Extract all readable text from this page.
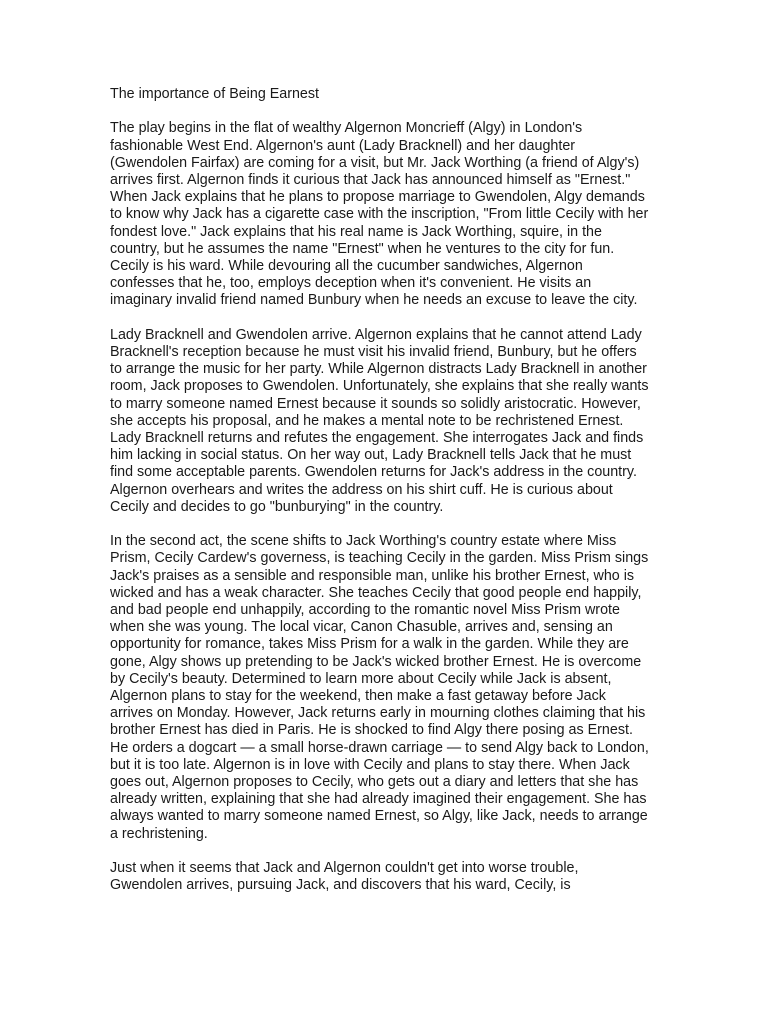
The importance of Being Earnest

The play begins in the flat of wealthy Algernon Moncrieff (Algy) in London's fashionable West End. Algernon's aunt (Lady Bracknell) and her daughter (Gwendolen Fairfax) are coming for a visit, but Mr. Jack Worthing (a friend of Algy's) arrives first. Algernon finds it curious that Jack has announced himself as "Ernest." When Jack explains that he plans to propose marriage to Gwendolen, Algy demands to know why Jack has a cigarette case with the inscription, "From little Cecily with her fondest love." Jack explains that his real name is Jack Worthing, squire, in the country, but he assumes the name "Ernest" when he ventures to the city for fun. Cecily is his ward. While devouring all the cucumber sandwiches, Algernon confesses that he, too, employs deception when it's convenient. He visits an imaginary invalid friend named Bunbury when he needs an excuse to leave the city.

Lady Bracknell and Gwendolen arrive. Algernon explains that he cannot attend Lady Bracknell's reception because he must visit his invalid friend, Bunbury, but he offers to arrange the music for her party. While Algernon distracts Lady Bracknell in another room, Jack proposes to Gwendolen. Unfortunately, she explains that she really wants to marry someone named Ernest because it sounds so solidly aristocratic. However, she accepts his proposal, and he makes a mental note to be rechristened Ernest. Lady Bracknell returns and refutes the engagement. She interrogates Jack and finds him lacking in social status. On her way out, Lady Bracknell tells Jack that he must find some acceptable parents. Gwendolen returns for Jack's address in the country. Algernon overhears and writes the address on his shirt cuff. He is curious about Cecily and decides to go "bunburying" in the country.

In the second act, the scene shifts to Jack Worthing's country estate where Miss Prism, Cecily Cardew's governess, is teaching Cecily in the garden. Miss Prism sings Jack's praises as a sensible and responsible man, unlike his brother Ernest, who is wicked and has a weak character. She teaches Cecily that good people end happily, and bad people end unhappily, according to the romantic novel Miss Prism wrote when she was young. The local vicar, Canon Chasuble, arrives and, sensing an opportunity for romance, takes Miss Prism for a walk in the garden. While they are gone, Algy shows up pretending to be Jack's wicked brother Ernest. He is overcome by Cecily's beauty. Determined to learn more about Cecily while Jack is absent, Algernon plans to stay for the weekend, then make a fast getaway before Jack arrives on Monday. However, Jack returns early in mourning clothes claiming that his brother Ernest has died in Paris. He is shocked to find Algy there posing as Ernest. He orders a dogcart — a small horse-drawn carriage — to send Algy back to London, but it is too late. Algernon is in love with Cecily and plans to stay there. When Jack goes out, Algernon proposes to Cecily, who gets out a diary and letters that she has already written, explaining that she had already imagined their engagement. She has always wanted to marry someone named Ernest, so Algy, like Jack, needs to arrange a rechristening.

Just when it seems that Jack and Algernon couldn't get into worse trouble, Gwendolen arrives, pursuing Jack, and discovers that his ward, Cecily, is
